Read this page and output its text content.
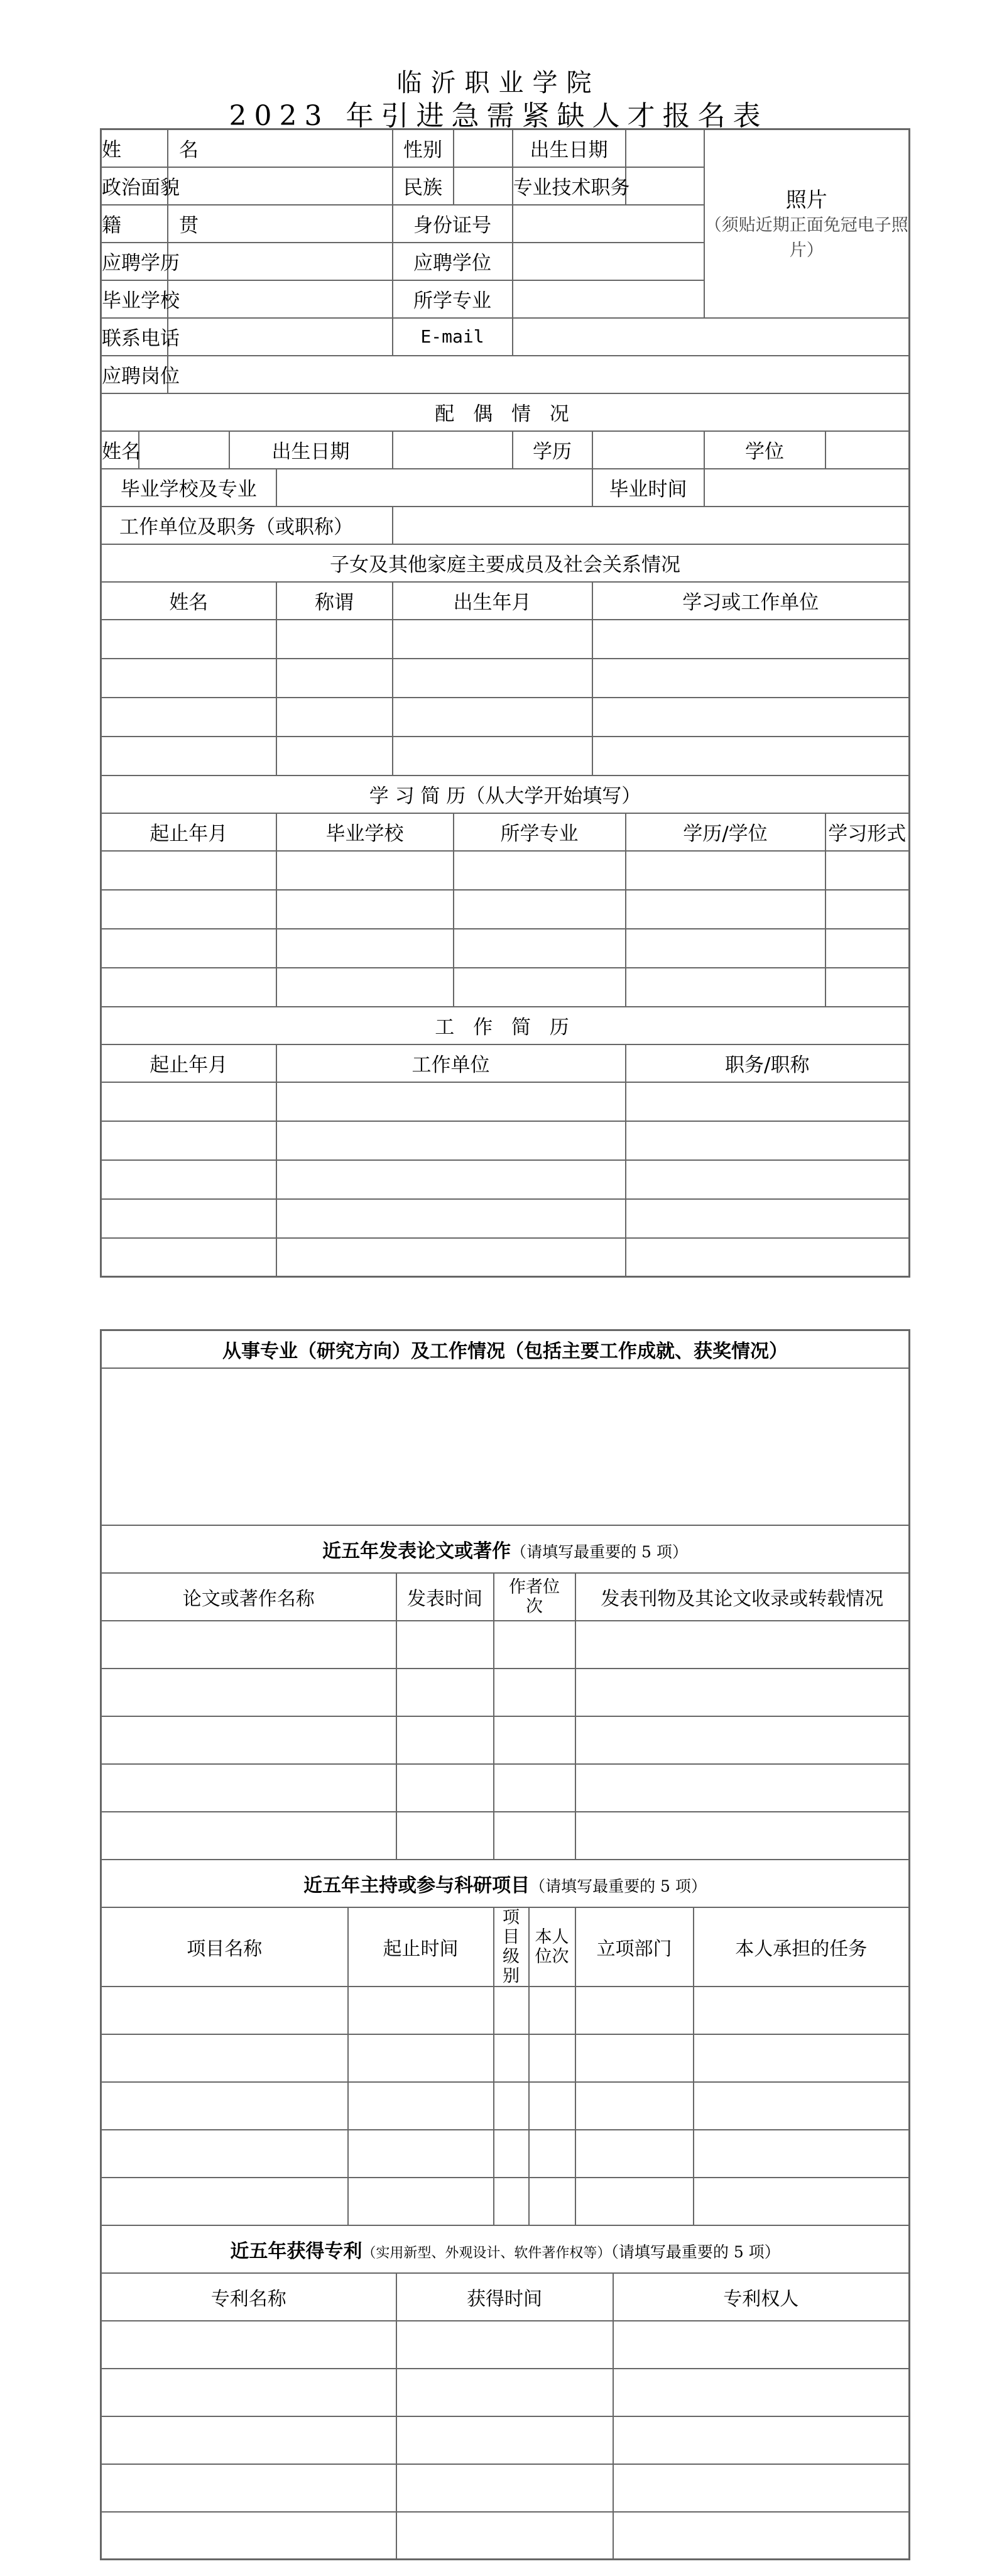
临沂职业学院
2023 年引进急需紧缺人才报名表
姓　　名					性别		出生日期			照片
（须贴近期正面免冠电子照片）	

政治面貌					民族		专业技术职务				
籍　　贯					身份证号						
应聘学历					应聘学位						
毕业学校					所学专业						
联系电话					E-mail						
应聘岗位											
配 偶 情 况											
姓名			出生日期				学历			学位	
毕业学校及专业								毕业时间			
工作单位及职务（或职称）											
子女及其他家庭主要成员及社会关系情况											
姓名				称谓	出生年月			学习或工作单位			

学 习 简 历（从大学开始填写）											
起止年月				毕业学校		所学专业			学历/学位		学习形式

工 作 简 历											
起止年月				工作单位					职务/职称		

从事专业（研究方向）及工作情况（包括主要工作成就、获奖情况）							

近五年发表论文或著作（请填写最重要的 5 项）							
论文或著作名称		发表时间	作者位次		发表刊物及其论文收录或转载情况		

近五年主持或参与科研项目（请填写最重要的 5 项）							
项目名称	起止时间		项目级别	本人位次	立项部门		本人承担的任务

近五年获得专利（实用新型、外观设计、软件著作权等）（请填写最重要的 5 项）							
专利名称		获得时间				专利权人	
